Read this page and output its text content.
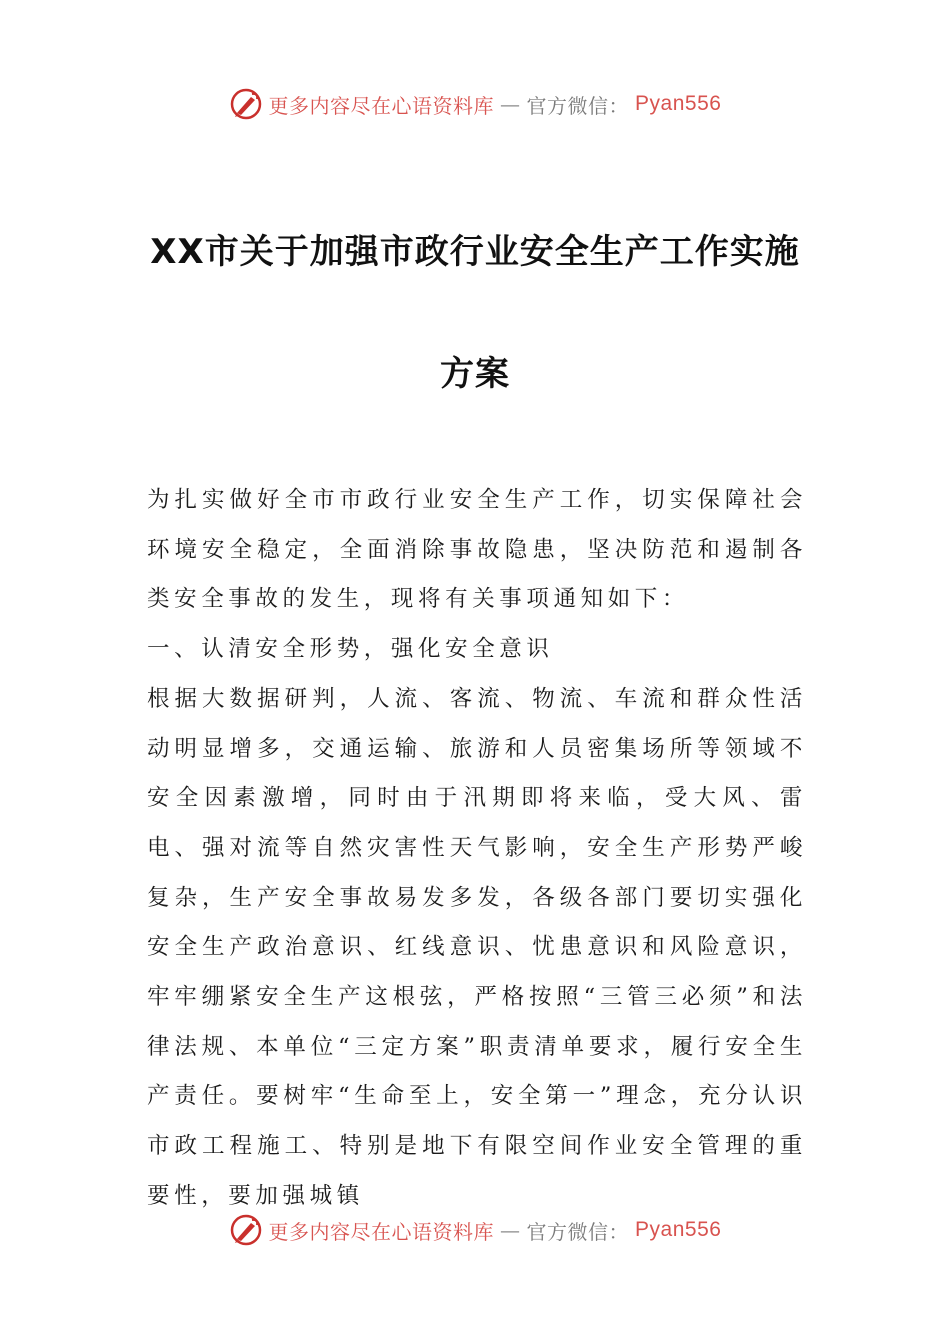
更多内容尽在心语资料库 — 官方微信： Pyan556
XX市关于加强市政行业安全生产工作实施
方案

为扎实做好全市市政行业安全生产工作，切实保障社会环境安全稳定，全面消除事故隐患，坚决防范和遏制各类安全事故的发生，现将有关事项通知如下：

一、认清安全形势，强化安全意识

根据大数据研判，人流、客流、物流、车流和群众性活动明显增多，交通运输、旅游和人员密集场所等领域不安全因素激增，同时由于汛期即将来临，受大风、雷电、强对流等自然灾害性天气影响，安全生产形势严峻复杂，生产安全事故易发多发，各级各部门要切实强化安全生产政治意识、红线意识、忧患意识和风险意识，牢牢绷紧安全生产这根弦，严格按照“三管三必须”和法律法规、本单位“三定方案”职责清单要求，履行安全生产责任。要树牢“生命至上，安全第一”理念，充分认识市政工程施工、特别是地下有限空间作业安全管理的重要性，要加强城镇

更多内容尽在心语资料库 — 官方微信： Pyan556
